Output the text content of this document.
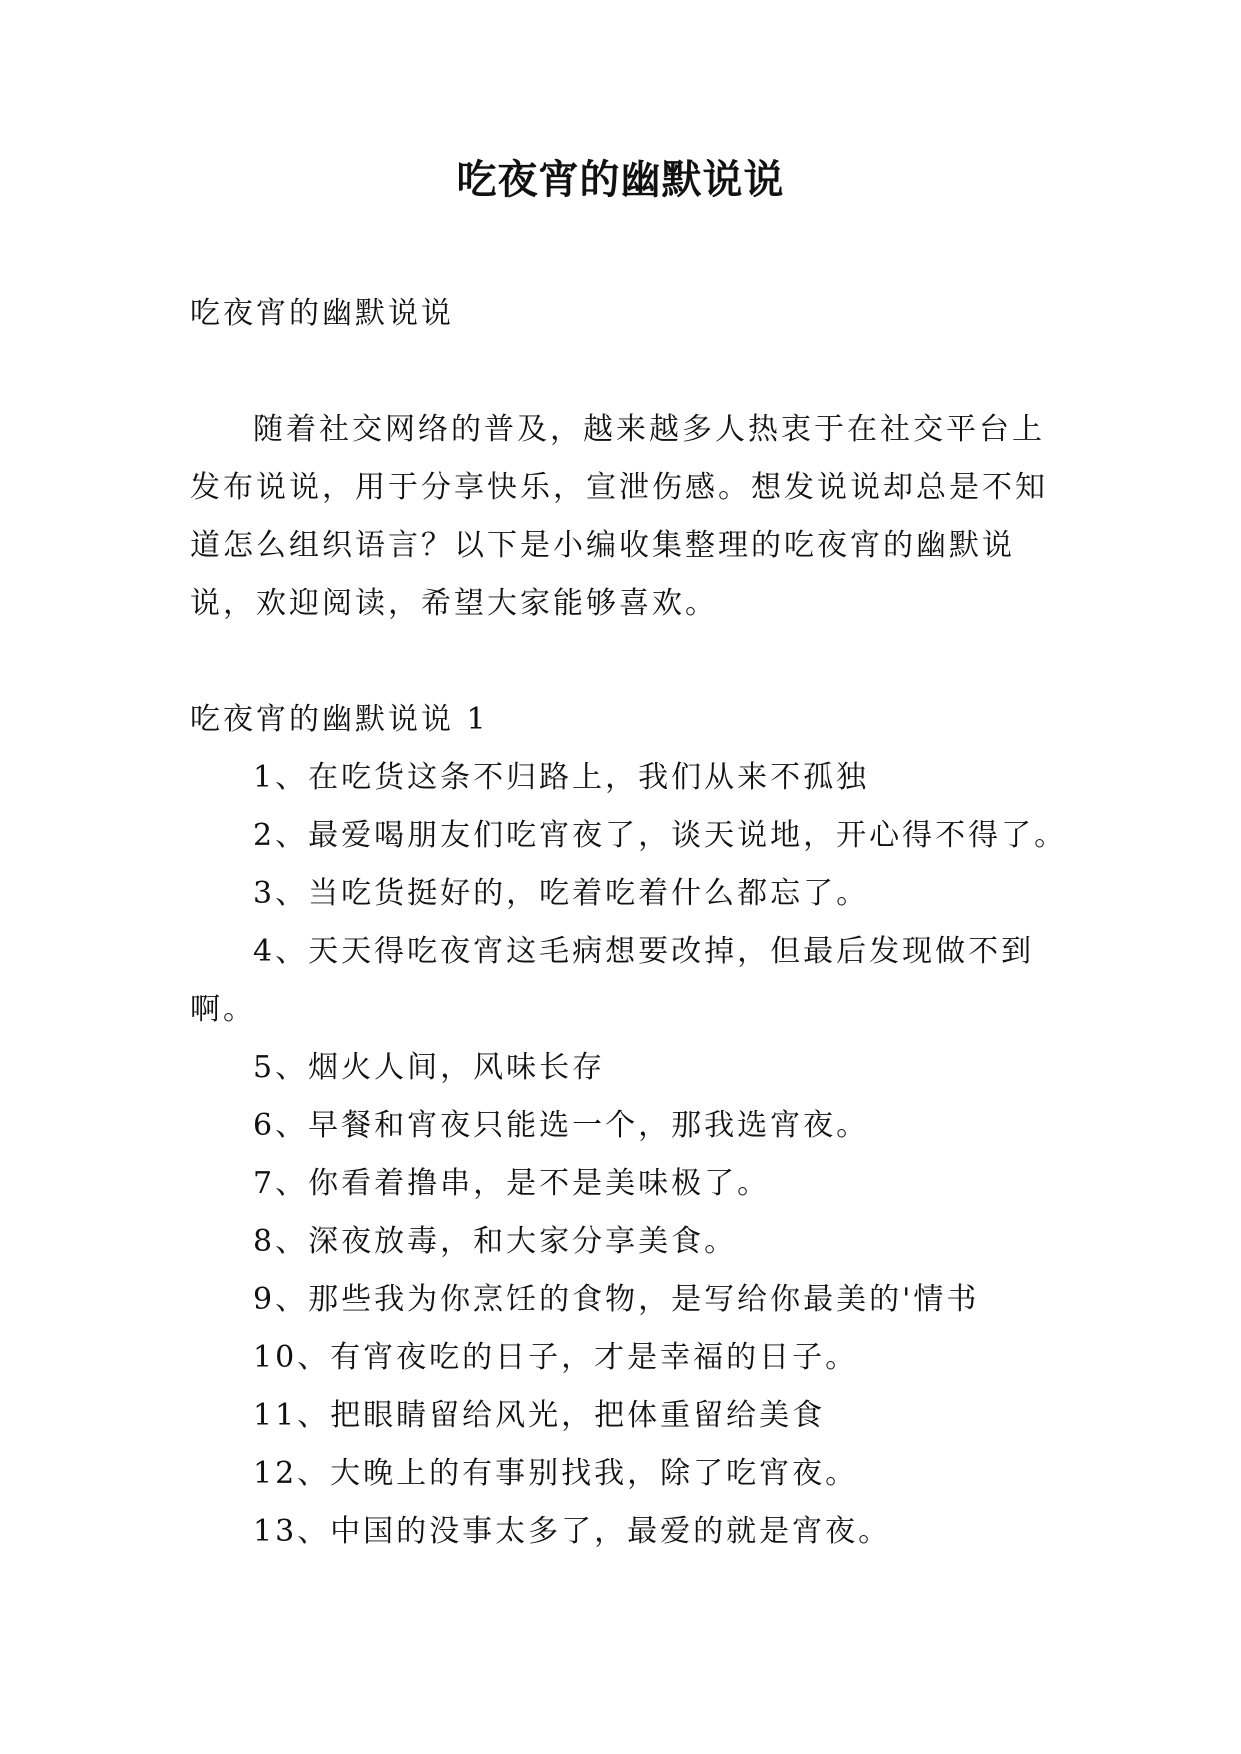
吃夜宵的幽默说说
吃夜宵的幽默说说
随着社交网络的普及，越来越多人热衷于在社交平台上
发布说说，用于分享快乐，宣泄伤感。想发说说却总是不知
道怎么组织语言？以下是小编收集整理的吃夜宵的幽默说
说，欢迎阅读，希望大家能够喜欢。
吃夜宵的幽默说说 1
1、在吃货这条不归路上，我们从来不孤独
2、最爱喝朋友们吃宵夜了，谈天说地，开心得不得了。
3、当吃货挺好的，吃着吃着什么都忘了。
4、天天得吃夜宵这毛病想要改掉，但最后发现做不到
啊。
5、烟火人间，风味长存
6、早餐和宵夜只能选一个，那我选宵夜。
7、你看着撸串，是不是美味极了。
8、深夜放毒，和大家分享美食。
9、那些我为你烹饪的食物，是写给你最美的'情书
10、有宵夜吃的日子，才是幸福的日子。
11、把眼睛留给风光，把体重留给美食
12、大晚上的有事别找我，除了吃宵夜。
13、中国的没事太多了，最爱的就是宵夜。
